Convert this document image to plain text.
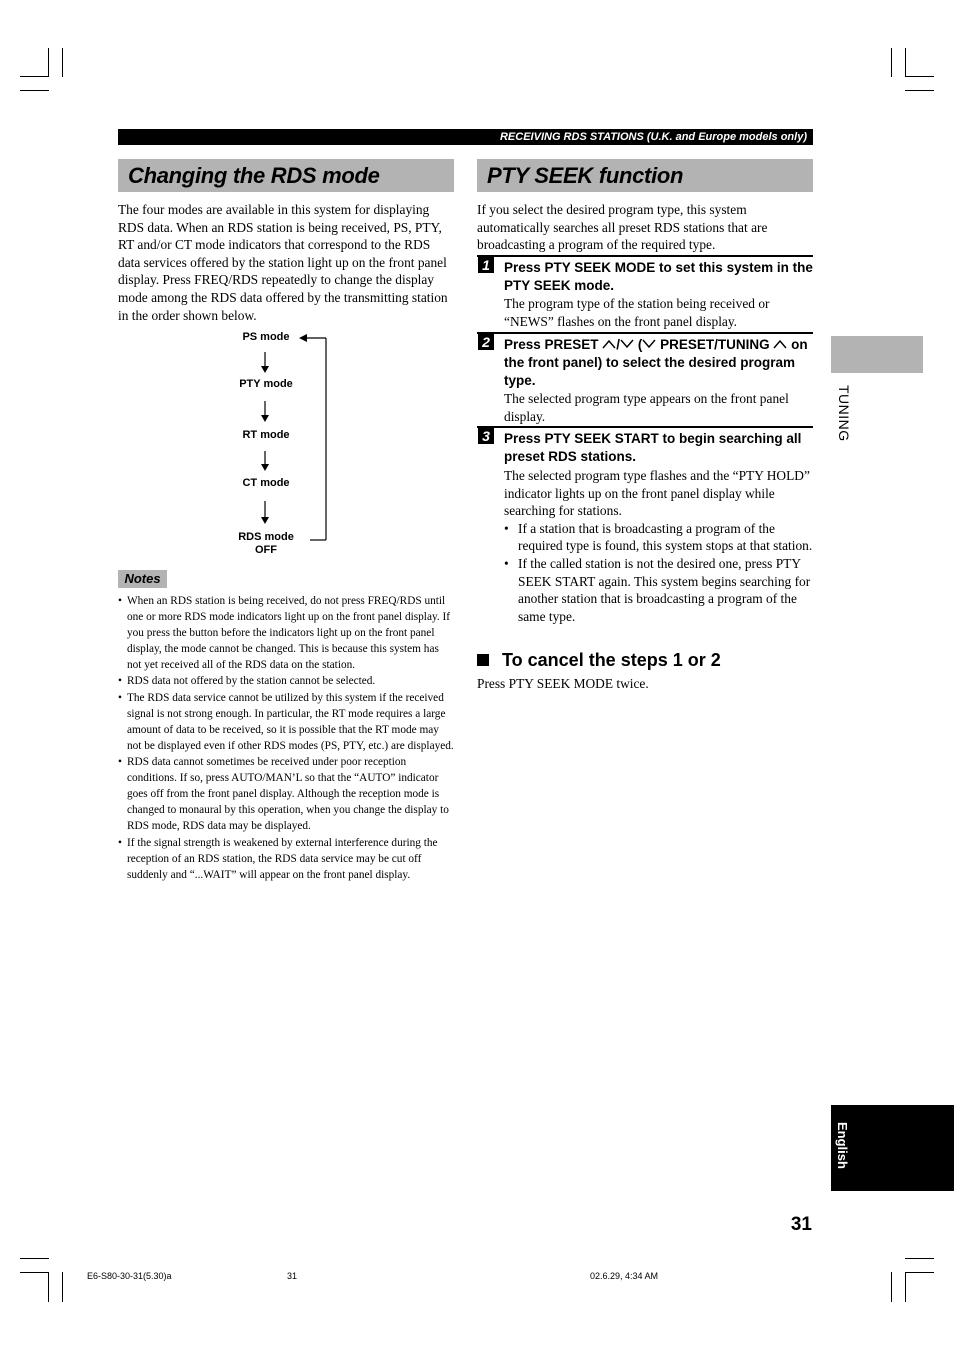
RECEIVING RDS STATIONS (U.K. and Europe models only)
Changing the RDS mode
The four modes are available in this system for displaying RDS data. When an RDS station is being received, PS, PTY, RT and/or CT mode indicators that correspond to the RDS data services offered by the station light up on the front panel display. Press FREQ/RDS repeatedly to change the display mode among the RDS data offered by the transmitting station in the order shown below.
PS mode
PTY mode
RT mode
CT mode
RDS mode
OFF
Notes
• When an RDS station is being received, do not press FREQ/RDS until one or more RDS mode indicators light up on the front panel display. If you press the button before the indicators light up on the front panel display, the mode cannot be changed. This is because this system has not yet received all of the RDS data on the station.
• RDS data not offered by the station cannot be selected.
• The RDS data service cannot be utilized by this system if the received signal is not strong enough. In particular, the RT mode requires a large amount of data to be received, so it is possible that the RT mode may not be displayed even if other RDS modes (PS, PTY, etc.) are displayed.
• RDS data cannot sometimes be received under poor reception conditions. If so, press AUTO/MAN’L so that the “AUTO” indicator goes off from the front panel display. Although the reception mode is changed to monaural by this operation, when you change the display to RDS mode, RDS data may be displayed.
• If the signal strength is weakened by external interference during the reception of an RDS station, the RDS data service may be cut off suddenly and “...WAIT” will appear on the front panel display.
PTY SEEK function
If you select the desired program type, this system automatically searches all preset RDS stations that are broadcasting a program of the required type.
1	Press PTY SEEK MODE to set this system in the PTY SEEK mode.
The program type of the station being received or “NEWS” flashes on the front panel display.
2	Press PRESET / ( PRESET/TUNING  on the front panel) to select the desired program type.
The selected program type appears on the front panel display.
3	Press PTY SEEK START to begin searching all preset RDS stations.
The selected program type flashes and the “PTY HOLD” indicator lights up on the front panel display while searching for stations.
• If a station that is broadcasting a program of the required type is found, this system stops at that station.
• If the called station is not the desired one, press PTY SEEK START again. This system begins searching for another station that is broadcasting a program of the same type.
To cancel the steps 1 or 2
Press PTY SEEK MODE twice.
TUNING
English
31
E6-S80-30-31(5.30)a	31	02.6.29, 4:34 AM
